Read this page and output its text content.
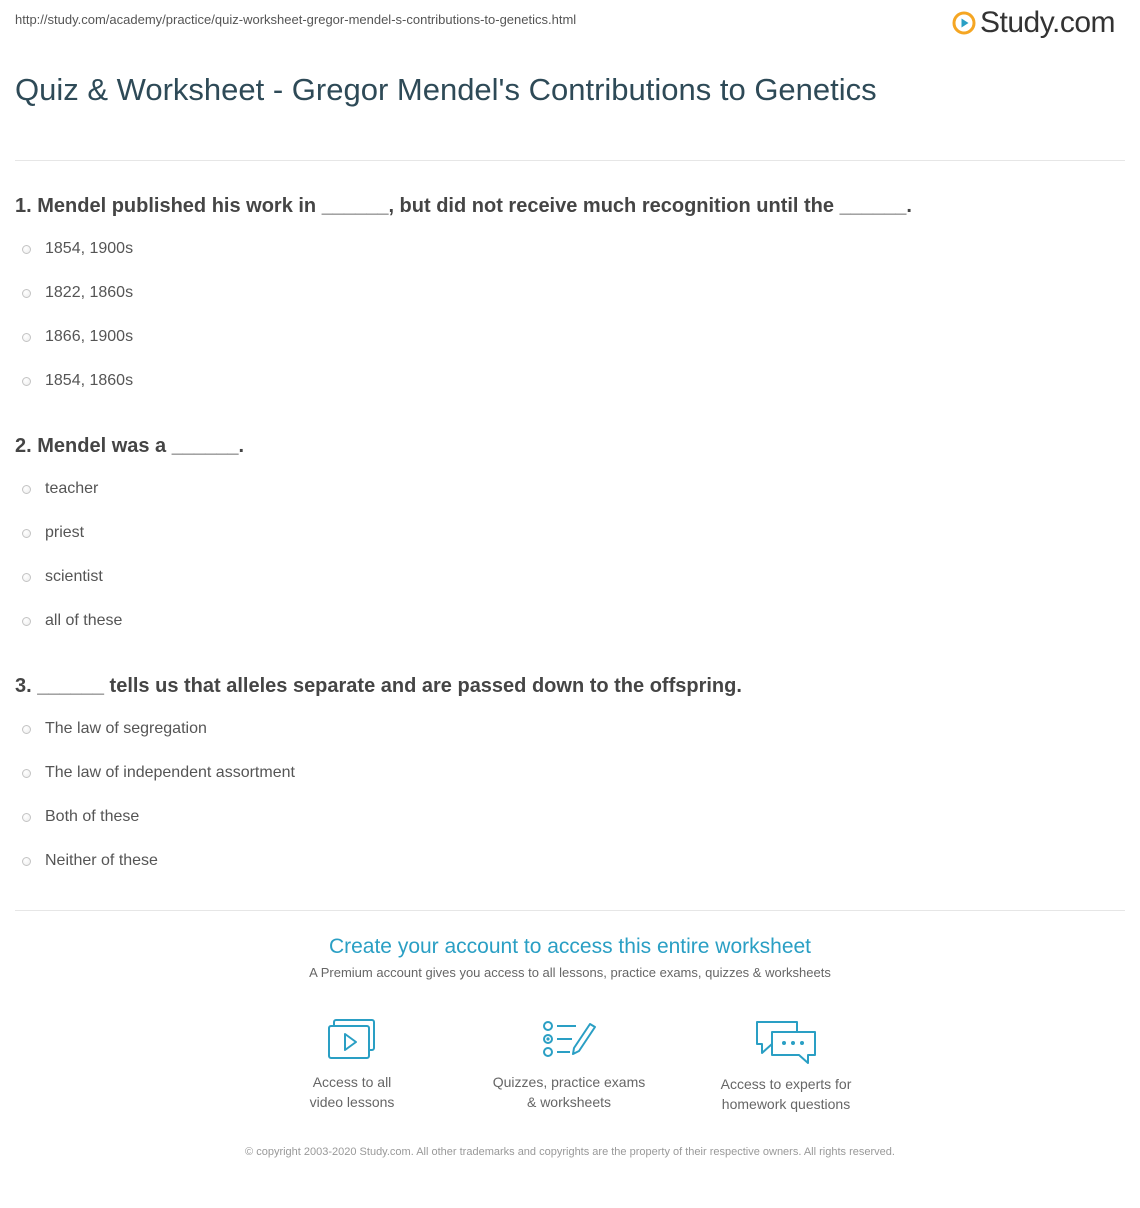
http://study.com/academy/practice/quiz-worksheet-gregor-mendel-s-contributions-to-genetics.html	Study.com
Quiz & Worksheet - Gregor Mendel's Contributions to Genetics
1. Mendel published his work in ______, but did not receive much recognition until the ______.
1854, 1900s
1822, 1860s
1866, 1900s
1854, 1860s
2. Mendel was a ______.
teacher
priest
scientist
all of these
3. ______ tells us that alleles separate and are passed down to the offspring.
The law of segregation
The law of independent assortment
Both of these
Neither of these
Create your account to access this entire worksheet
A Premium account gives you access to all lessons, practice exams, quizzes & worksheets
Access to all
video lessons
Quizzes, practice exams
& worksheets
Access to experts for
homework questions
© copyright 2003-2020 Study.com. All other trademarks and copyrights are the property of their respective owners. All rights reserved.
